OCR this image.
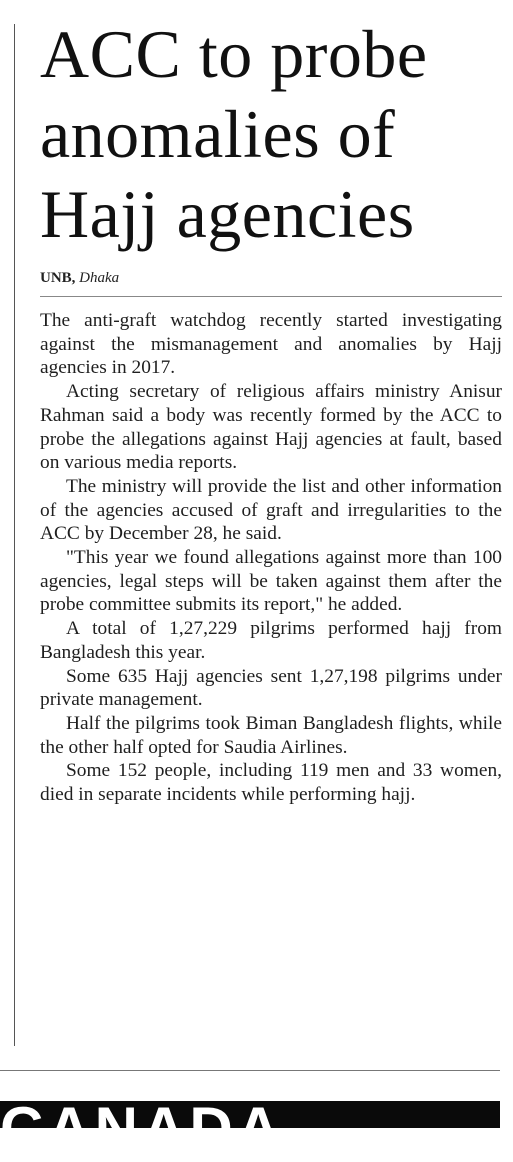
ACC to probe
anomalies of
Hajj agencies
UNB, Dhaka

The anti-graft watchdog recently started investigating against the mismanagement and anomalies by Hajj agencies in 2017.

Acting secretary of religious affairs ministry Anisur Rahman said a body was recently formed by the ACC to probe the allegations against Hajj agencies at fault, based on various media reports.

The ministry will provide the list and other information of the agencies accused of graft and irregularities to the ACC by December 28, he said.

"This year we found allegations against more than 100 agencies, legal steps will be taken against them after the probe committee submits its report," he added.

A total of 1,27,229 pilgrims performed hajj from Bangladesh this year.

Some 635 Hajj agencies sent 1,27,198 pilgrims under private management.

Half the pilgrims took Biman Bangladesh flights, while the other half opted for Saudia Airlines.

Some 152 people, including 119 men and 33 women, died in separate incidents while performing hajj.

CANADA
